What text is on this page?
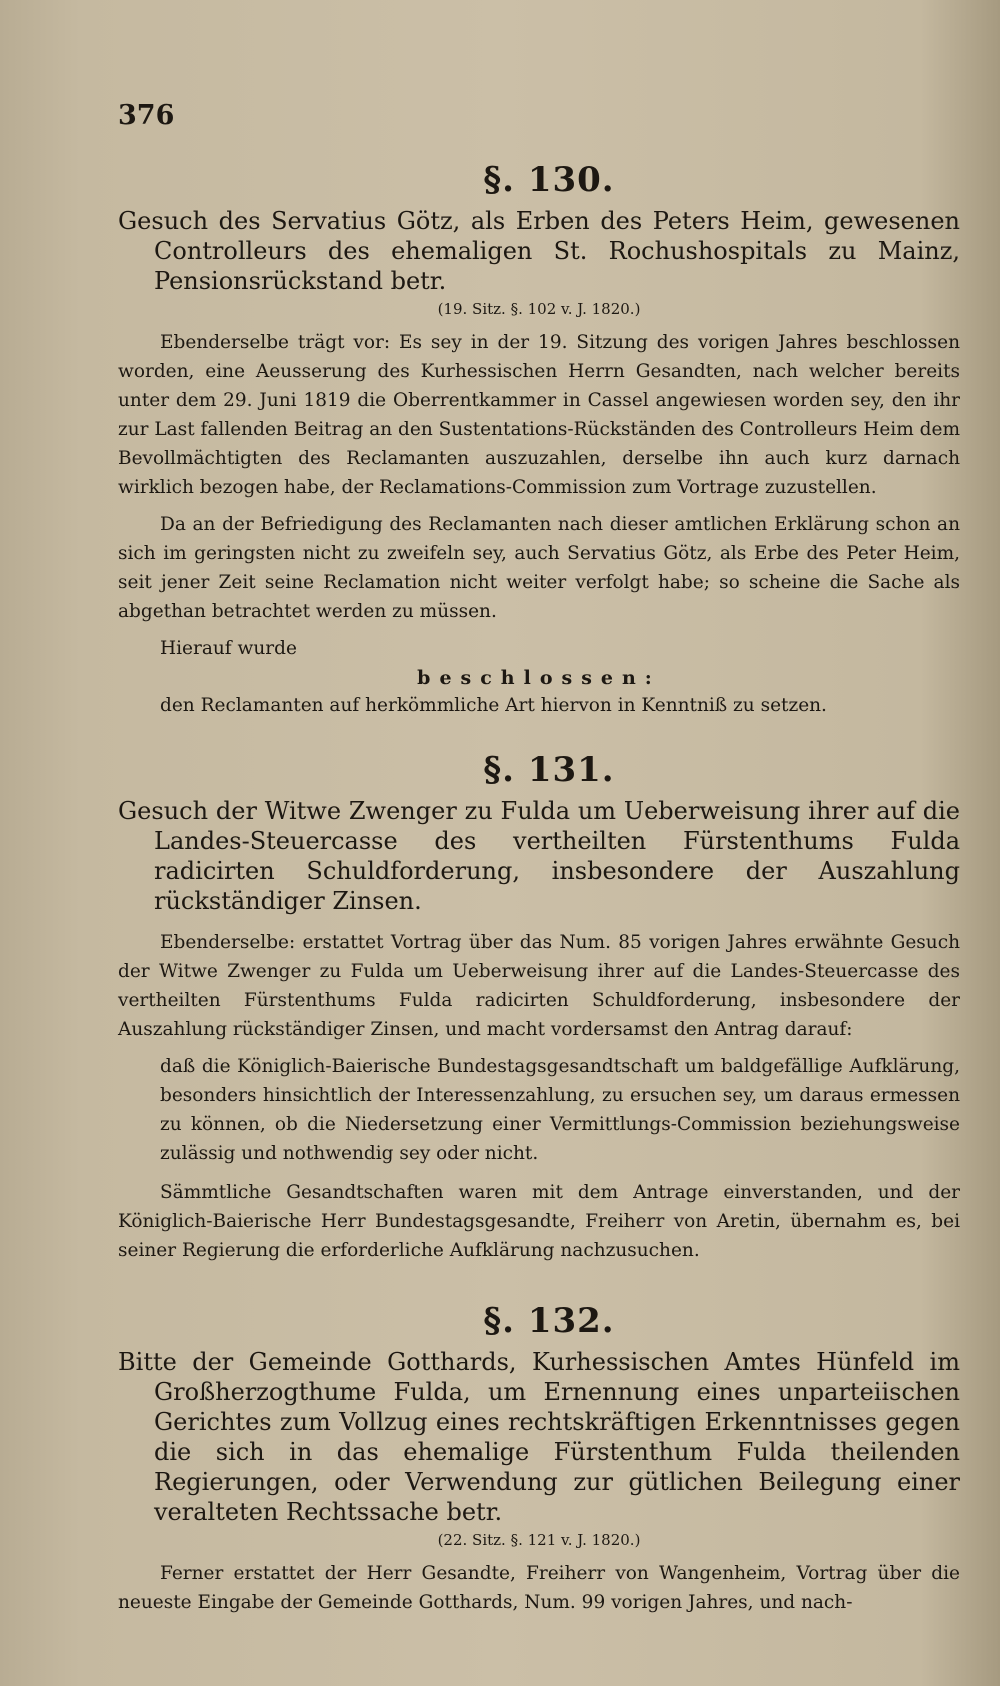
376
§. 130.

Gesuch des Servatius Götz, als Erben des Peters Heim, gewesenen Controlleurs des ehemaligen St. Rochushospitals zu Mainz, Pensionsrückstand betr.

(19. Sitz. §. 102 v. J. 1820.)

Ebenderselbe trägt vor: Es sey in der 19. Sitzung des vorigen Jahres beschlossen worden, eine Aeusserung des Kurhessischen Herrn Gesandten, nach welcher bereits unter dem 29. Juni 1819 die Oberrentkammer in Cassel angewiesen worden sey, den ihr zur Last fallenden Beitrag an den Sustentations-Rückständen des Controlleurs Heim dem Bevollmächtigten des Reclamanten auszuzahlen, derselbe ihn auch kurz darnach wirklich bezogen habe, der Reclamations-Commission zum Vortrage zuzustellen.

Da an der Befriedigung des Reclamanten nach dieser amtlichen Erklärung schon an sich im geringsten nicht zu zweifeln sey, auch Servatius Götz, als Erbe des Peter Heim, seit jener Zeit seine Reclamation nicht weiter verfolgt habe; so scheine die Sache als abgethan betrachtet werden zu müssen.

Hierauf wurde

beschlossen:

den Reclamanten auf herkömmliche Art hiervon in Kenntniß zu setzen.

§. 131.

Gesuch der Witwe Zwenger zu Fulda um Ueberweisung ihrer auf die Landes-Steuercasse des vertheilten Fürstenthums Fulda radicirten Schuldforderung, insbesondere der Auszahlung rückständiger Zinsen.

Ebenderselbe: erstattet Vortrag über das Num. 85 vorigen Jahres erwähnte Gesuch der Witwe Zwenger zu Fulda um Ueberweisung ihrer auf die Landes-Steuercasse des vertheilten Fürstenthums Fulda radicirten Schuldforderung, insbesondere der Auszahlung rückständiger Zinsen, und macht vordersamst den Antrag darauf:

daß die Königlich-Baierische Bundestagsgesandtschaft um baldgefällige Aufklärung, besonders hinsichtlich der Interessenzahlung, zu ersuchen sey, um daraus ermessen zu können, ob die Niedersetzung einer Vermittlungs-Commission beziehungsweise zulässig und nothwendig sey oder nicht.

Sämmtliche Gesandtschaften waren mit dem Antrage einverstanden, und der Königlich-Baierische Herr Bundestagsgesandte, Freiherr von Aretin, übernahm es, bei seiner Regierung die erforderliche Aufklärung nachzusuchen.

§. 132.

Bitte der Gemeinde Gotthards, Kurhessischen Amtes Hünfeld im Großherzogthume Fulda, um Ernennung eines unparteiischen Gerichtes zum Vollzug eines rechtskräftigen Erkenntnisses gegen die sich in das ehemalige Fürstenthum Fulda theilenden Regierungen, oder Verwendung zur gütlichen Beilegung einer veralteten Rechtssache betr.

(22. Sitz. §. 121 v. J. 1820.)

Ferner erstattet der Herr Gesandte, Freiherr von Wangenheim, Vortrag über die neueste Eingabe der Gemeinde Gotthards, Num. 99 vorigen Jahres, und nach-
